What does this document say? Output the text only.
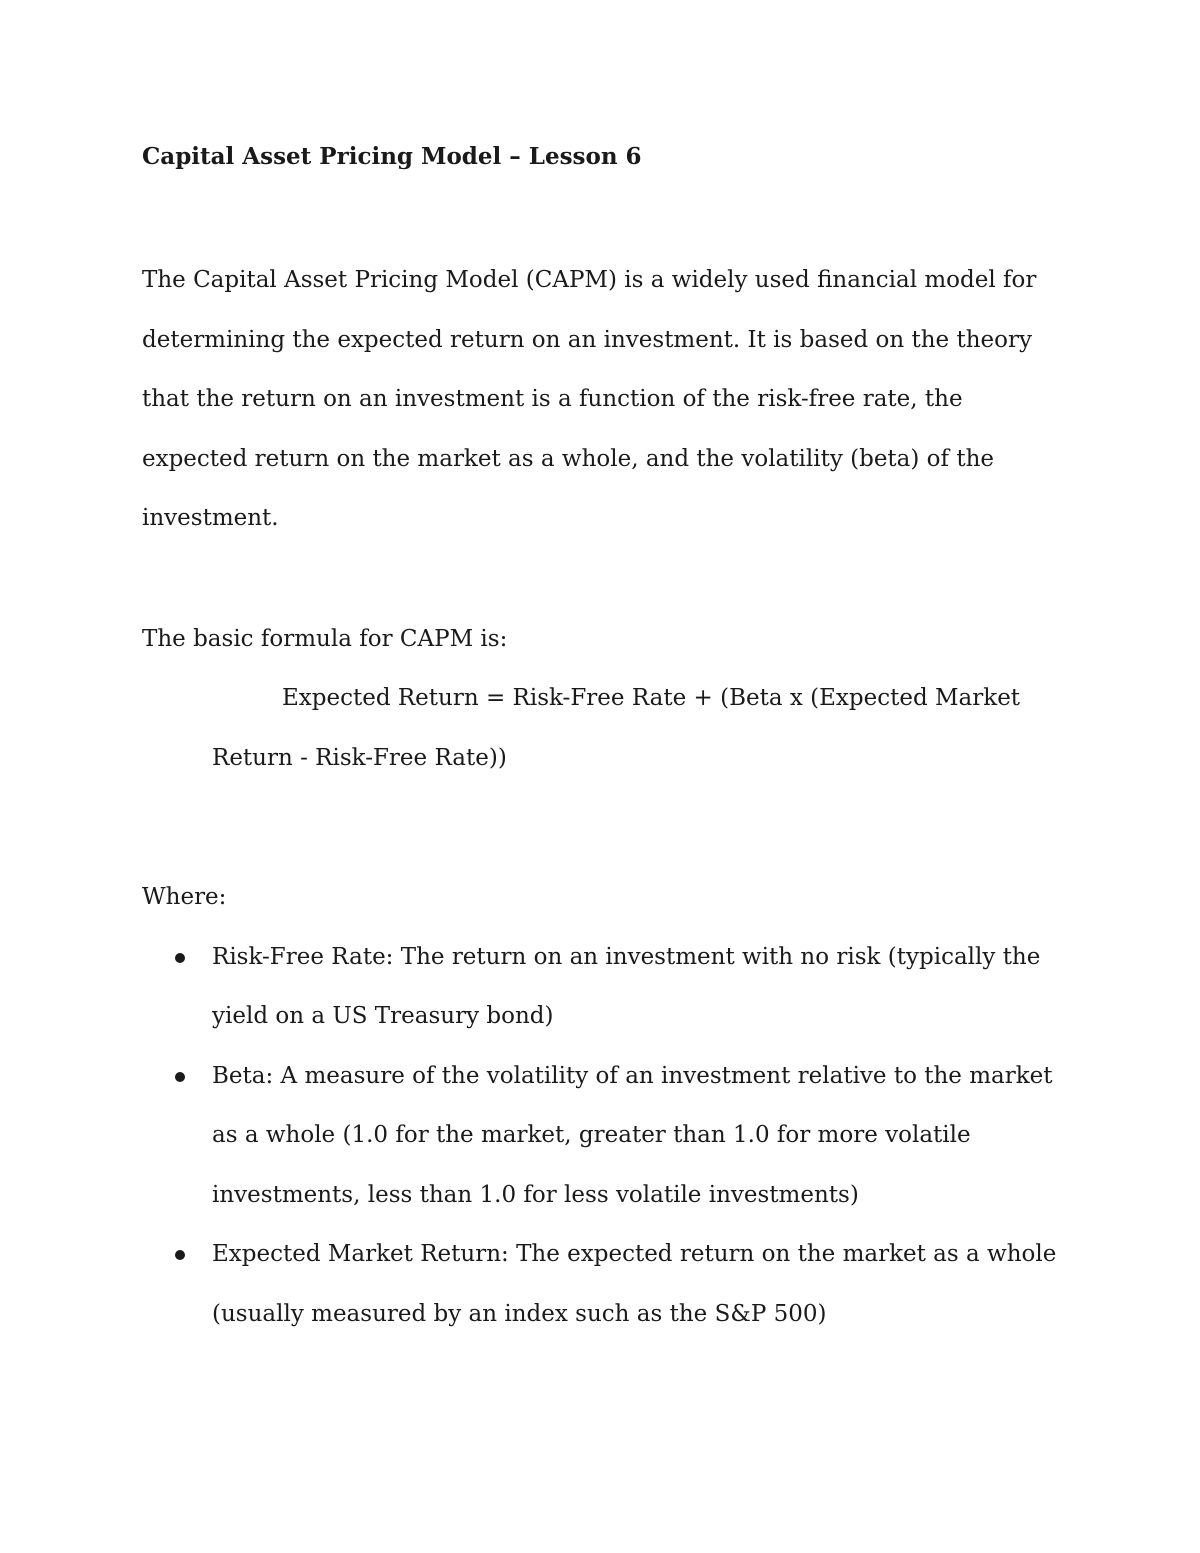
Capital Asset Pricing Model – Lesson 6

The Capital Asset Pricing Model (CAPM) is a widely used financial model for determining the expected return on an investment. It is based on the theory that the return on an investment is a function of the risk-free rate, the expected return on the market as a whole, and the volatility (beta) of the investment.

The basic formula for CAPM is:

Expected Return = Risk-Free Rate + (Beta x (Expected Market Return - Risk-Free Rate))

Where:

Risk-Free Rate: The return on an investment with no risk (typically the yield on a US Treasury bond)
Beta: A measure of the volatility of an investment relative to the market as a whole (1.0 for the market, greater than 1.0 for more volatile investments, less than 1.0 for less volatile investments)
Expected Market Return: The expected return on the market as a whole (usually measured by an index such as the S&P 500)
